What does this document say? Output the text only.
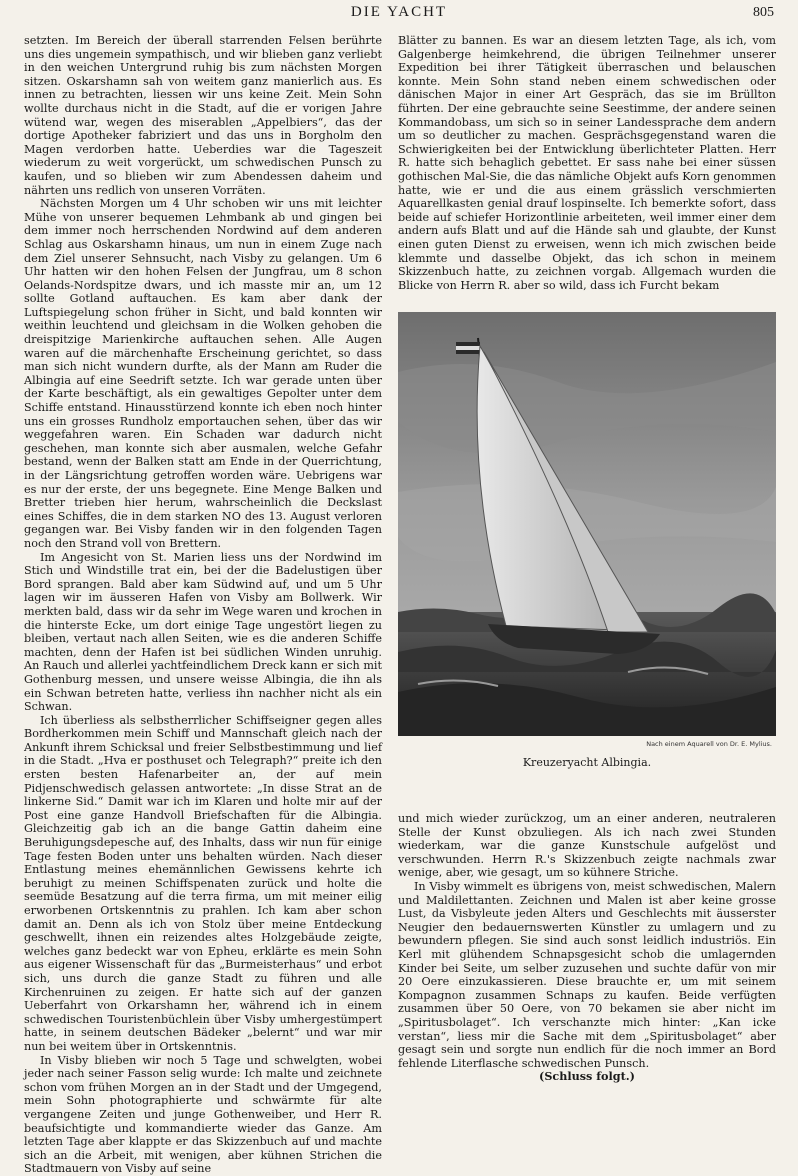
DIE YACHT	805

setzten. Im Bereich der überall starrenden Felsen berührte uns dies ungemein sympathisch, und wir blieben ganz verliebt in den weichen Untergrund ruhig bis zum nächsten Morgen sitzen. Oskarshamn sah von weitem ganz manierlich aus. Es innen zu betrachten, liessen wir uns keine Zeit. Mein Sohn wollte durchaus nicht in die Stadt, auf die er vorigen Jahre wütend war, wegen des miserablen „Appelbiers“, das der dortige Apotheker fabriziert und das uns in Borgholm den Magen verdorben hatte. Ueberdies war die Tageszeit wiederum zu weit vorgerückt, um schwedischen Punsch zu kaufen, und so blieben wir zum Abendessen daheim und nährten uns redlich von unseren Vorräten.

Nächsten Morgen um 4 Uhr schoben wir uns mit leichter Mühe von unserer bequemen Lehmbank ab und gingen bei dem immer noch herrschenden Nordwind auf dem anderen Schlag aus Oskarshamn hinaus, um nun in einem Zuge nach dem Ziel unserer Sehnsucht, nach Visby zu gelangen. Um 6 Uhr hatten wir den hohen Felsen der Jungfrau, um 8 schon Oelands-Nordspitze dwars, und ich masste mir an, um 12 sollte Gotland auftauchen. Es kam aber dank der Luftspiegelung schon früher in Sicht, und bald konnten wir weithin leuchtend und gleichsam in die Wolken gehoben die dreispitzige Marienkirche auftauchen sehen. Alle Augen waren auf die märchenhafte Erscheinung gerichtet, so dass man sich nicht wundern durfte, als der Mann am Ruder die Albingia auf eine Seedrift setzte. Ich war gerade unten über der Karte beschäftigt, als ein gewaltiges Gepolter unter dem Schiffe entstand. Hinausstürzend konnte ich eben noch hinter uns ein grosses Rundholz emportauchen sehen, über das wir weggefahren waren. Ein Schaden war dadurch nicht geschehen, man konnte sich aber ausmalen, welche Gefahr bestand, wenn der Balken statt am Ende in der Querrichtung, in der Längsrichtung getroffen worden wäre. Uebrigens war es nur der erste, der uns begegnete. Eine Menge Balken und Bretter trieben hier herum, wahrscheinlich die Deckslast eines Schiffes, die in dem starken NO des 13. August verloren gegangen war. Bei Visby fanden wir in den folgenden Tagen noch den Strand voll von Brettern.

Im Angesicht von St. Marien liess uns der Nordwind im Stich und Windstille trat ein, bei der die Badelustigen über Bord sprangen. Bald aber kam Südwind auf, und um 5 Uhr lagen wir im äusseren Hafen von Visby am Bollwerk. Wir merkten bald, dass wir da sehr im Wege waren und krochen in die hinterste Ecke, um dort einige Tage ungestört liegen zu bleiben, vertaut nach allen Seiten, wie es die anderen Schiffe machten, denn der Hafen ist bei südlichen Winden unruhig. An Rauch und allerlei yachtfeindlichem Dreck kann er sich mit Gothenburg messen, und unsere weisse Albingia, die ihn als ein Schwan betreten hatte, verliess ihn nachher nicht als ein Schwan.

Ich überliess als selbstherrlicher Schiffseigner gegen alles Bordherkommen mein Schiff und Mannschaft gleich nach der Ankunft ihrem Schicksal und freier Selbstbestimmung und lief in die Stadt. „Hva er posthuset och Telegraph?“ preite ich den ersten besten Hafenarbeiter an, der auf mein Pidjenschwedisch gelassen antwortete: „In disse Strat an de linkerne Sid.“ Damit war ich im Klaren und holte mir auf der Post eine ganze Handvoll Briefschaften für die Albingia. Gleichzeitig gab ich an die bange Gattin daheim eine Beruhigungsdepesche auf, des Inhalts, dass wir nun für einige Tage festen Boden unter uns behalten würden. Nach dieser Entlastung meines ehemännlichen Gewissens kehrte ich beruhigt zu meinen Schiffspenaten zurück und holte die seemüde Besatzung auf die terra firma, um mit meiner eilig erworbenen Ortskenntnis zu prahlen. Ich kam aber schon damit an. Denn als ich von Stolz über meine Entdeckung geschwellt, ihnen ein reizendes altes Holzgebäude zeigte, welches ganz bedeckt war von Epheu, erklärte es mein Sohn aus eigener Wissenschaft für das „Burmeisterhaus“ und erbot sich, uns durch die ganze Stadt zu führen und alle Kirchenruinen zu zeigen. Er hatte sich auf der ganzen Ueberfahrt von Orkarshamn her, während ich in einem schwedischen Touristenbüchlein über Visby umhergestümpert hatte, in seinem deutschen Bädeker „belernt“ und war mir nun bei weitem über in Ortskenntnis.

In Visby blieben wir noch 5 Tage und schwelgten, wobei jeder nach seiner Fasson selig wurde: Ich malte und zeichnete schon vom frühen Morgen an in der Stadt und der Umgegend, mein Sohn photographierte und schwärmte für alte vergangene Zeiten und junge Gothenweiber, und Herr R. beaufsichtigte und kommandierte wieder das Ganze. Am letzten Tage aber klappte er das Skizzenbuch auf und machte sich an die Arbeit, mit wenigen, aber kühnen Strichen die Stadtmauern von Visby auf seine

Blätter zu bannen. Es war an diesem letzten Tage, als ich, vom Galgenberge heimkehrend, die übrigen Teilnehmer unserer Expedition bei ihrer Tätigkeit überraschen und belauschen konnte. Mein Sohn stand neben einem schwedischen oder dänischen Major in einer Art Gespräch, das sie im Brüllton führten. Der eine gebrauchte seine Seestimme, der andere seinen Kommandobass, um sich so in seiner Landessprache dem andern um so deutlicher zu machen. Gesprächsgegenstand waren die Schwierigkeiten bei der Entwicklung überlichteter Platten. Herr R. hatte sich behaglich gebettet. Er sass nahe bei einer süssen gothischen Mal-Sie, die das nämliche Objekt aufs Korn genommen hatte, wie er und die aus einem grässlich verschmierten Aquarellkasten genial drauf lospinselte. Ich bemerkte sofort, dass beide auf schiefer Horizontlinie arbeiteten, weil immer einer dem andern aufs Blatt und auf die Hände sah und glaubte, der Kunst einen guten Dienst zu erweisen, wenn ich mich zwischen beide klemmte und dasselbe Objekt, das ich schon in meinem Skizzenbuch hatte, zu zeichnen vorgab. Allgemach wurden die Blicke von Herrn R. aber so wild, dass ich Furcht bekam

Nach einem Aquarell von Dr. E. Mylius.
Kreuzeryacht Albingia.

und mich wieder zurückzog, um an einer anderen, neutraleren Stelle der Kunst obzuliegen. Als ich nach zwei Stunden wiederkam, war die ganze Kunstschule aufgelöst und verschwunden. Herrn R.'s Skizzenbuch zeigte nachmals zwar wenige, aber, wie gesagt, um so kühnere Striche.

In Visby wimmelt es übrigens von, meist schwedischen, Malern und Maldilettanten. Zeichnen und Malen ist aber keine grosse Lust, da Visbyleute jeden Alters und Geschlechts mit äusserster Neugier den bedauernswerten Künstler zu umlagern und zu bewundern pflegen. Sie sind auch sonst leidlich industriös. Ein Kerl mit glühendem Schnapsgesicht schob die umlagernden Kinder bei Seite, um selber zuzusehen und suchte dafür von mir 20 Oere einzukassieren. Diese brauchte er, um mit seinem Kompagnon zusammen Schnaps zu kaufen. Beide verfügten zusammen über 50 Oere, von 70 bekamen sie aber nicht im „Spiritusbolaget“. Ich verschanzte mich hinter: „Kan icke verstan“, liess mir die Sache mit dem „Spiritusbolaget“ aber gesagt sein und sorgte nun endlich für die noch immer an Bord fehlende Literflasche schwedischen Punsch.

(Schluss folgt.)
